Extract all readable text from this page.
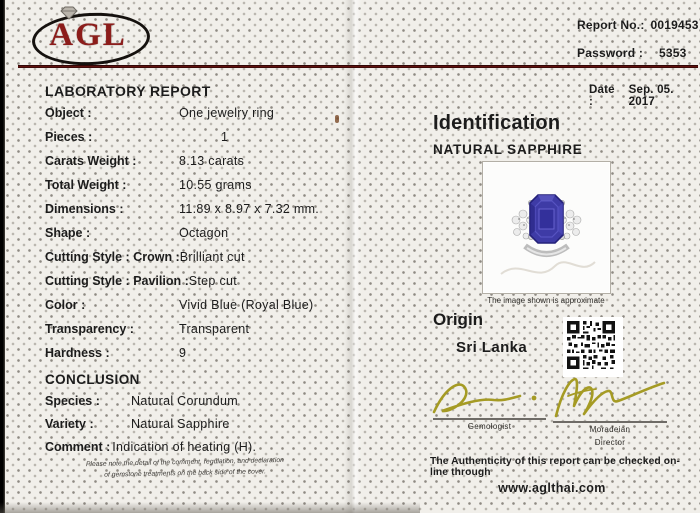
AGL	Report No.: 0019453
Password : 5353
Date :
Sep. 05. 2017
LABORATORY REPORT
Object :	One jewelry ring
Pieces :	1
Carats Weight :	8.13 carats
Total Weight :	10.55 grams
Dimensions :	11.89 x 8.97 x 7.32 mm.
Shape :	Octagon
Cutting Style : Crown : Brilliant cut
Cutting Style : Pavilion : Step cut
Color :	Vivid Blue (Royal Blue)
Transparency :	Transparent
Hardness :	9
CONCLUSION
Species : Natural Corundum
Variety :	Natural Sapphire
Comment : Indication of heating (H).
Please note the detail of the comment, regulation, and declaration
of gemstone treatments on the back side of the cover.
Identification
NATURAL SAPPHIRE
The image shown is approximate
Origin
Sri Lanka
Gemologist	Moradeian
Director
The Authenticity of this report can be checked on-line through
www.aglthai.com
